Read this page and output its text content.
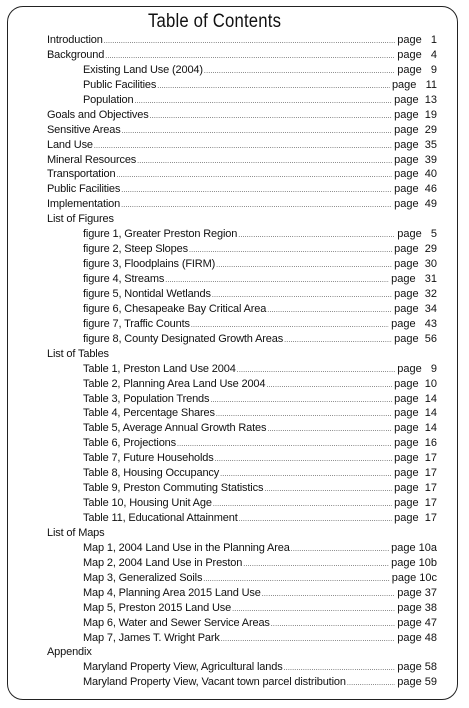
Table of Contents
Introduction .....	page   1
Background .....	page   4
Existing Land Use (2004) .....	page   9
Public Facilities .....	page   11
Population .....	page  13
Goals and Objectives .....	page  19
Sensitive Areas .....	page  29
Land Use .....	page  35
Mineral Resources .....	page  39
Transportation .....	page  40
Public Facilities .....	page  46
Implementation .....	page  49
List of Figures
figure 1, Greater Preston Region .....	page   5
figure 2, Steep Slopes .....	page  29
figure 3, Floodplains (FIRM) .....	page  30
figure 4, Streams .....	page   31
figure 5, Nontidal Wetlands .....	page  32
figure 6, Chesapeake Bay Critical Area .....	page  34
figure 7, Traffic Counts .....	page   43
figure 8, County Designated Growth Areas .....	page  56
List of Tables
Table 1, Preston Land Use 2004 .....	page   9
Table 2, Planning Area Land Use 2004 .....	page  10
Table 3, Population Trends .....	page  14
Table 4, Percentage Shares .....	page  14
Table 5, Average Annual Growth Rates .....	page  14
Table 6, Projections .....	page  16
Table 7, Future Households .....	page  17
Table 8, Housing Occupancy .....	page  17
Table 9, Preston Commuting Statistics .....	page  17
Table 10, Housing Unit Age .....	page  17
Table 11, Educational Attainment .....	page  17
List of Maps
Map 1, 2004 Land Use in the Planning Area .....	page 10a
Map 2, 2004 Land Use in Preston .....	page 10b
Map 3, Generalized Soils .....	page 10c
Map 4, Planning Area 2015 Land Use .....	page 37
Map 5, Preston 2015 Land Use .....	page 38
Map 6, Water and Sewer Service Areas .....	page 47
Map 7, James T. Wright Park .....	page 48
Appendix
Maryland Property View, Agricultural lands .....	page 58
Maryland Property View, Vacant town parcel distribution .....	page 59
